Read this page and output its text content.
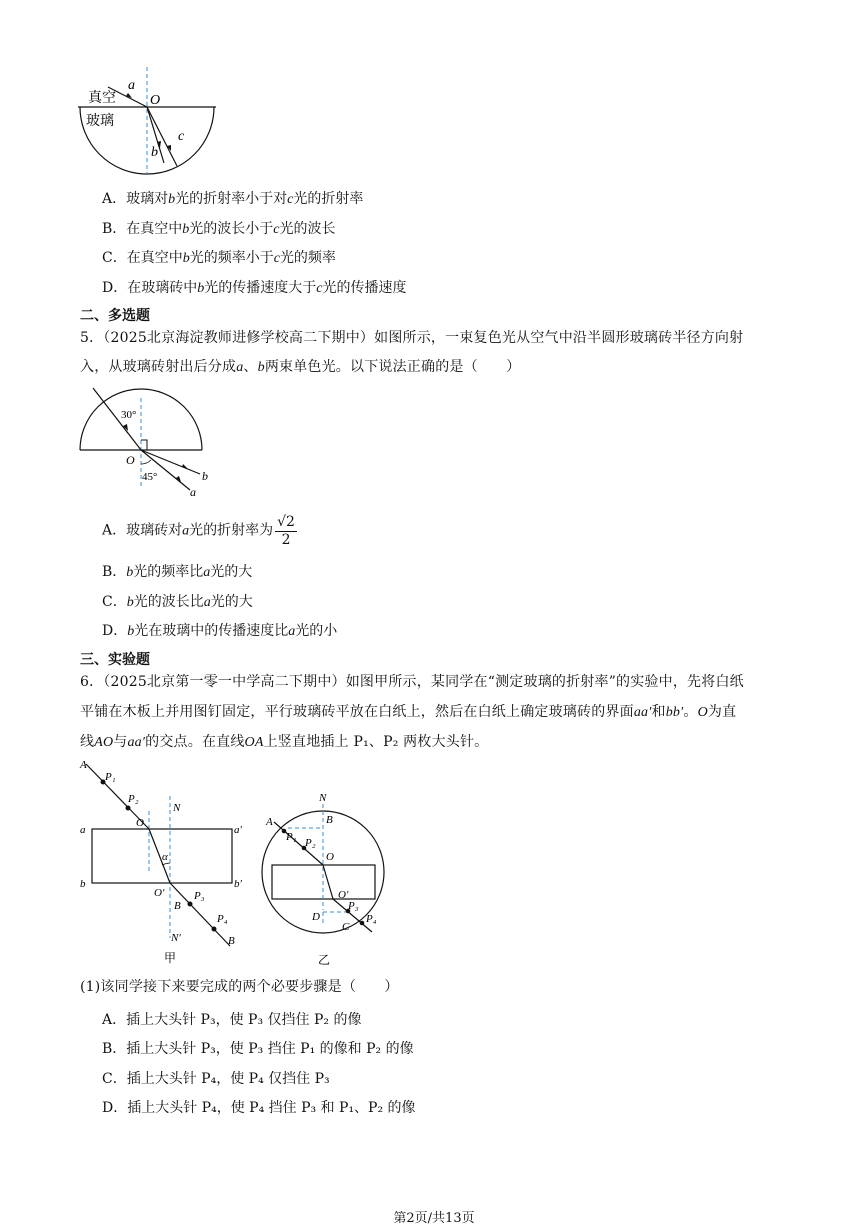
真空
玻璃
a
O
c
b
A．玻璃对b光的折射率小于对c光的折射率
B．在真空中b光的波长小于c光的波长
C．在真空中b光的频率小于c光的频率
D．在玻璃砖中b光的传播速度大于c光的传播速度
二、多选题
5．（2025北京海淀教师进修学校高二下期中）如图所示，一束复色光从空气中沿半圆形玻璃砖半径方向射
入，从玻璃砖射出后分成a、b两束单色光。以下说法正确的是（　　）
30°
O
45°	b
a
A．玻璃砖对a光的折射率为 $\frac{√2}{2}$
B．b光的频率比a光的大
C．b光的波长比a光的大
D．b光在玻璃中的传播速度比a光的小
三、实验题
6．（2025北京第一零一中学高二下期中）如图甲所示，某同学在“测定玻璃的折射率”的实验中，先将白纸
平铺在木板上并用图钉固定，平行玻璃砖平放在白纸上，然后在白纸上确定玻璃砖的界面aa′和bb′。O为直
线AO与aa′的交点。在直线OA上竖直地插上 P₁、P₂ 两枚大头针。
A
P₁
P₂
N
a	a′
O
α
b	b′
O′	P₃
B
P₄
N′	B
甲
N
A	B
P₁ P₂
O
O′
P₃
D	P₄
C
乙
(1)该同学接下来要完成的两个必要步骤是（　　）
A．插上大头针 P₃，使 P₃ 仅挡住 P₂ 的像
B．插上大头针 P₃，使 P₃ 挡住 P₁ 的像和 P₂ 的像
C．插上大头针 P₄，使 P₄ 仅挡住 P₃
D．插上大头针 P₄，使 P₄ 挡住 P₃ 和 P₁、P₂ 的像
第2页/共13页
